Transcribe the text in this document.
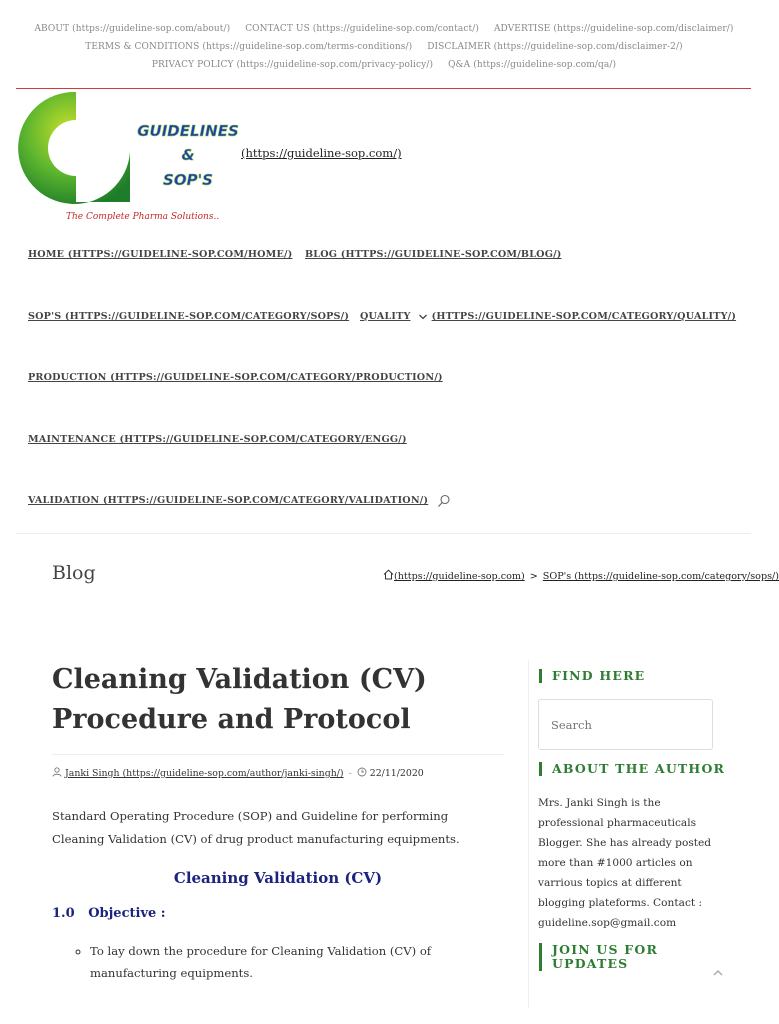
ABOUT (https://guideline-sop.com/about/) CONTACT US (https://guideline-sop.com/contact/) ADVERTISE (https://guideline-sop.com/disclaimer/)
TERMS & CONDITIONS (https://guideline-sop.com/terms-conditions/) DISCLAIMER (https://guideline-sop.com/disclaimer-2/)
PRIVACY POLICY (https://guideline-sop.com/privacy-policy/) Q&A (https://guideline-sop.com/qa/)
GUIDELINES
&
SOP'S
The Complete Pharma Solutions..
(https://guideline-sop.com/)
HOME (HTTPS://GUIDELINE-SOP.COM/HOME/) BLOG (HTTPS://GUIDELINE-SOP.COM/BLOG/)
SOP'S (HTTPS://GUIDELINE-SOP.COM/CATEGORY/SOPS/) QUALITY (HTTPS://GUIDELINE-SOP.COM/CATEGORY/QUALITY/)
PRODUCTION (HTTPS://GUIDELINE-SOP.COM/CATEGORY/PRODUCTION/)
MAINTENANCE (HTTPS://GUIDELINE-SOP.COM/CATEGORY/ENGG/)
VALIDATION (HTTPS://GUIDELINE-SOP.COM/CATEGORY/VALIDATION/)
Blog	(https://guideline-sop.com) > SOP's (https://guideline-sop.com/category/sops/)
Cleaning Validation (CV) Procedure and Protocol
Janki Singh (https://guideline-sop.com/author/janki-singh/) - 22/11/2020
Standard Operating Procedure (SOP) and Guideline for performing Cleaning Validation (CV) of drug product manufacturing equipments.
Cleaning Validation (CV)
1.0   Objective :
◦ To lay down the procedure for Cleaning Validation (CV) of manufacturing equipments.
FIND HERE
Search
ABOUT THE AUTHOR
Mrs. Janki Singh is the professional pharmaceuticals Blogger. She has already posted more than #1000 articles on varrious topics at different blogging plateforms. Contact : guideline.sop@gmail.com
JOIN US FOR UPDATES
